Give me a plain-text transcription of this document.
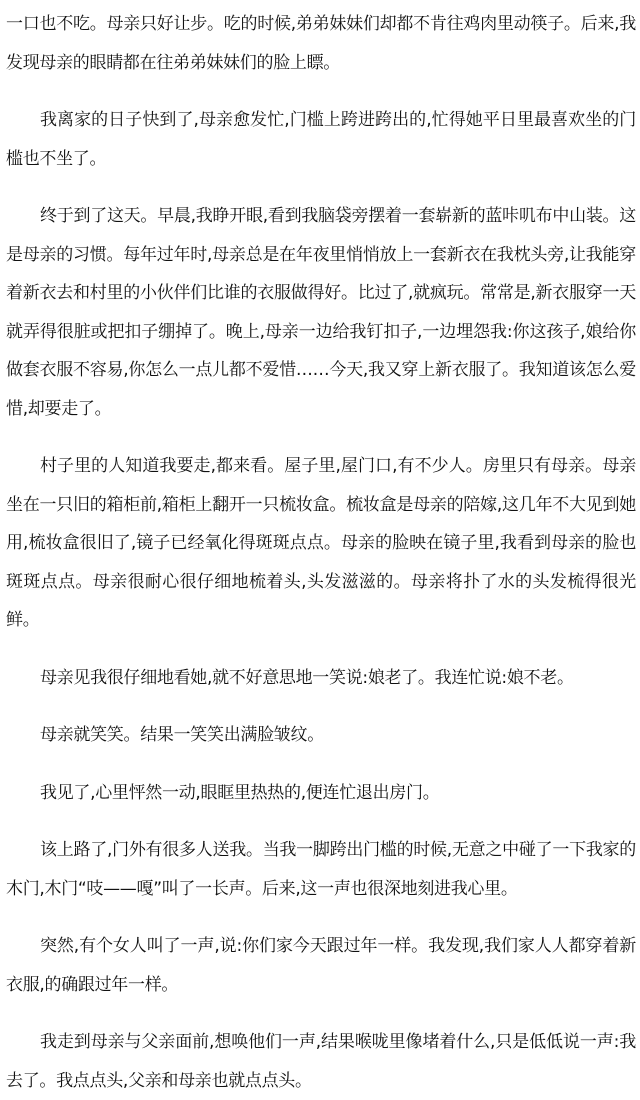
一口也不吃。母亲只好让步。吃的时候,弟弟妹妹们却都不肯往鸡肉里动筷子。后来,我发现母亲的眼睛都在往弟弟妹妹们的脸上瞟。

我离家的日子快到了,母亲愈发忙,门槛上跨进跨出的,忙得她平日里最喜欢坐的门槛也不坐了。

终于到了这天。早晨,我睁开眼,看到我脑袋旁摆着一套崭新的蓝咔叽布中山装。这是母亲的习惯。每年过年时,母亲总是在年夜里悄悄放上一套新衣在我枕头旁,让我能穿着新衣去和村里的小伙伴们比谁的衣服做得好。比过了,就疯玩。常常是,新衣服穿一天就弄得很脏或把扣子绷掉了。晚上,母亲一边给我钉扣子,一边埋怨我:你这孩子,娘给你做套衣服不容易,你怎么一点儿都不爱惜……今天,我又穿上新衣服了。我知道该怎么爱惜,却要走了。

村子里的人知道我要走,都来看。屋子里,屋门口,有不少人。房里只有母亲。母亲坐在一只旧的箱柜前,箱柜上翻开一只梳妆盒。梳妆盒是母亲的陪嫁,这几年不大见到她用,梳妆盒很旧了,镜子已经氧化得斑斑点点。母亲的脸映在镜子里,我看到母亲的脸也斑斑点点。母亲很耐心很仔细地梳着头,头发滋滋的。母亲将扑了水的头发梳得很光鲜。

母亲见我很仔细地看她,就不好意思地一笑说:娘老了。我连忙说:娘不老。

母亲就笑笑。结果一笑笑出满脸皱纹。

我见了,心里怦然一动,眼眶里热热的,便连忙退出房门。

该上路了,门外有很多人送我。当我一脚跨出门槛的时候,无意之中碰了一下我家的木门,木门“吱——嘎”叫了一长声。后来,这一声也很深地刻进我心里。

突然,有个女人叫了一声,说:你们家今天跟过年一样。我发现,我们家人人都穿着新衣服,的确跟过年一样。

我走到母亲与父亲面前,想唤他们一声,结果喉咙里像堵着什么,只是低低说一声:我去了。我点点头,父亲和母亲也就点点头。
